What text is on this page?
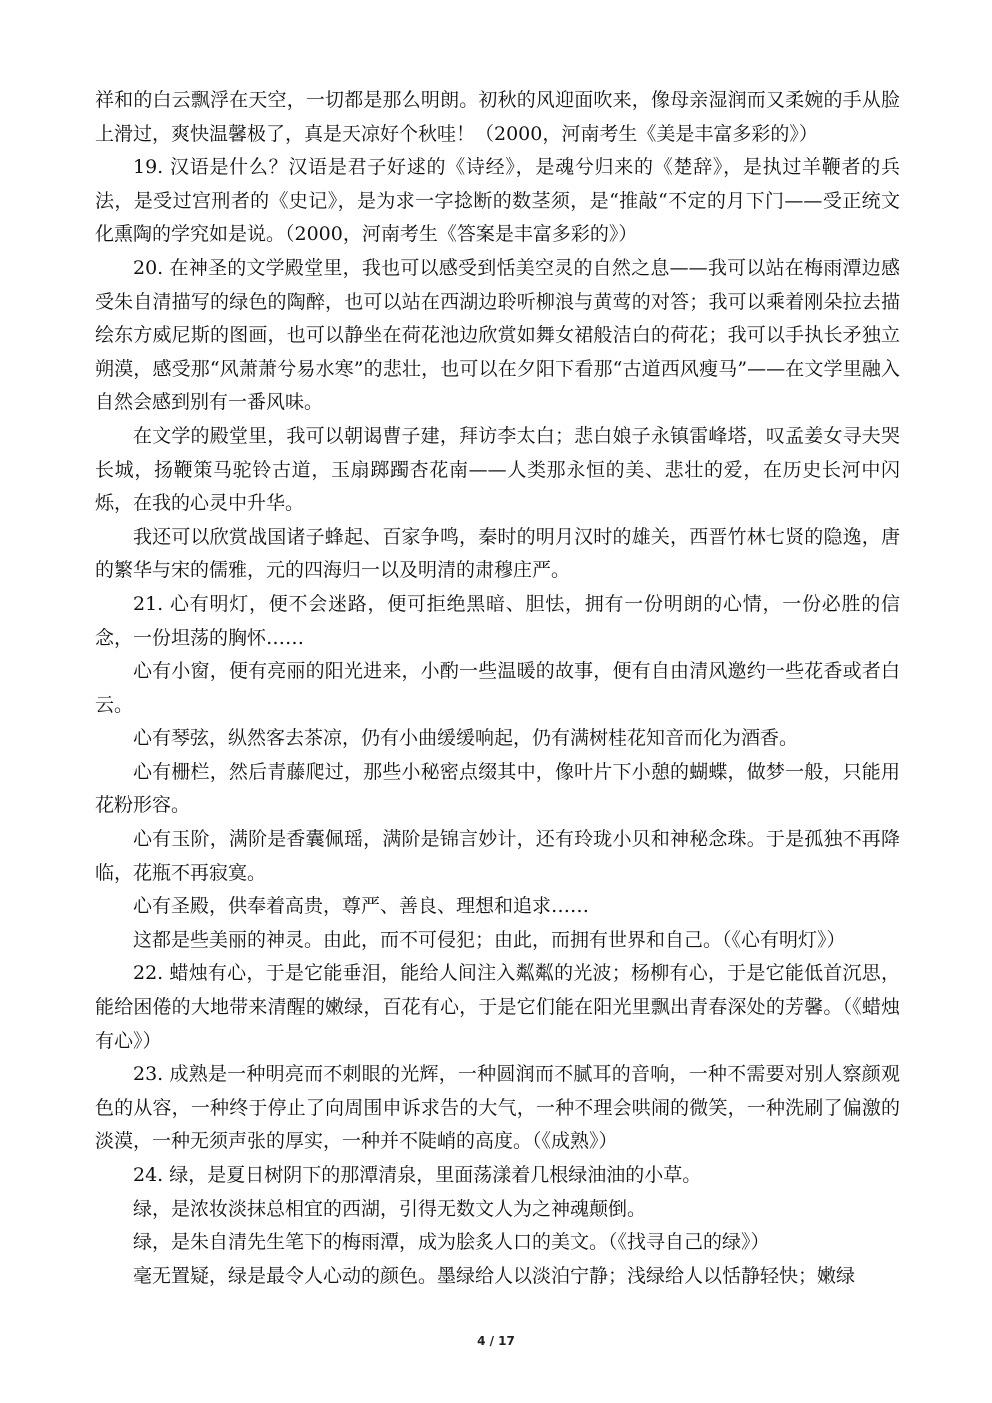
祥和的白云飘浮在天空，一切都是那么明朗。初秋的风迎面吹来，像母亲湿润而又柔婉的手从脸上滑过，爽快温馨极了，真是天凉好个秋哇！（2000，河南考生《美是丰富多彩的》）

19. 汉语是什么？汉语是君子好逑的《诗经》，是魂兮归来的《楚辞》，是执过羊鞭者的兵法，是受过宫刑者的《史记》，是为求一字捻断的数茎须，是“推敲“不定的月下门——受正统文化熏陶的学究如是说。（2000，河南考生《答案是丰富多彩的》）

20. 在神圣的文学殿堂里，我也可以感受到恬美空灵的自然之息——我可以站在梅雨潭边感受朱自清描写的绿色的陶醉，也可以站在西湖边聆听柳浪与黄莺的对答；我可以乘着刚朵拉去描绘东方威尼斯的图画，也可以静坐在荷花池边欣赏如舞女裙般洁白的荷花；我可以手执长矛独立朔漠，感受那“风萧萧兮易水寒”的悲壮，也可以在夕阳下看那“古道西风瘦马”——在文学里融入自然会感到别有一番风味。

在文学的殿堂里，我可以朝谒曹子建，拜访李太白；悲白娘子永镇雷峰塔，叹孟姜女寻夫哭长城，扬鞭策马驼铃古道，玉扇踯躅杏花南——人类那永恒的美、悲壮的爱，在历史长河中闪烁，在我的心灵中升华。

我还可以欣赏战国诸子蜂起、百家争鸣，秦时的明月汉时的雄关，西晋竹林七贤的隐逸，唐的繁华与宋的儒雅，元的四海归一以及明清的肃穆庄严。

21. 心有明灯，便不会迷路，便可拒绝黑暗、胆怯，拥有一份明朗的心情，一份必胜的信念，一份坦荡的胸怀……

心有小窗，便有亮丽的阳光进来，小酌一些温暖的故事，便有自由清风邀约一些花香或者白云。

心有琴弦，纵然客去茶凉，仍有小曲缓缓响起，仍有满树桂花知音而化为酒香。

心有栅栏，然后青藤爬过，那些小秘密点缀其中，像叶片下小憩的蝴蝶，做梦一般，只能用花粉形容。

心有玉阶，满阶是香囊佩瑶，满阶是锦言妙计，还有玲珑小贝和神秘念珠。于是孤独不再降临，花瓶不再寂寞。

心有圣殿，供奉着高贵，尊严、善良、理想和追求……

这都是些美丽的神灵。由此，而不可侵犯；由此，而拥有世界和自己。（《心有明灯》）

22. 蜡烛有心，于是它能垂泪，能给人间注入粼粼的光波；杨柳有心，于是它能低首沉思，能给困倦的大地带来清醒的嫩绿，百花有心，于是它们能在阳光里飘出青春深处的芳馨。（《蜡烛有心》）

23. 成熟是一种明亮而不刺眼的光辉，一种圆润而不腻耳的音响，一种不需要对别人察颜观色的从容，一种终于停止了向周围申诉求告的大气，一种不理会哄闹的微笑，一种洗刷了偏激的淡漠，一种无须声张的厚实，一种并不陡峭的高度。（《成熟》）

24. 绿，是夏日树阴下的那潭清泉，里面荡漾着几根绿油油的小草。

绿，是浓妆淡抹总相宜的西湖，引得无数文人为之神魂颠倒。

绿，是朱自清先生笔下的梅雨潭，成为脍炙人口的美文。（《找寻自己的绿》）

毫无置疑，绿是最令人心动的颜色。墨绿给人以淡泊宁静；浅绿给人以恬静轻快；嫩绿

4 / 17
